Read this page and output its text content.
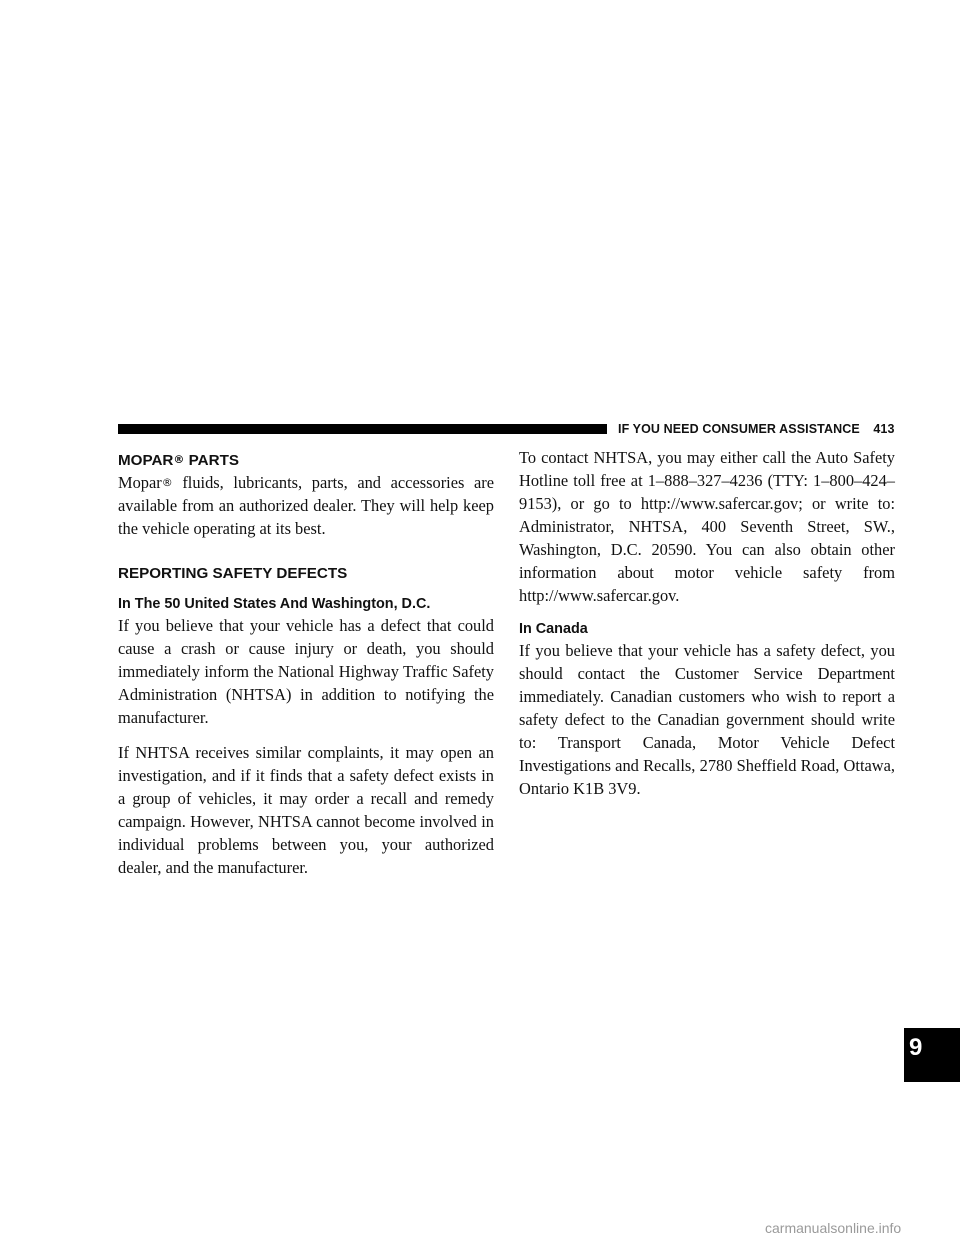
IF YOU NEED CONSUMER ASSISTANCE 413
MOPAR® PARTS

Mopar® fluids, lubricants, parts, and accessories are available from an authorized dealer. They will help keep the vehicle operating at its best.

REPORTING SAFETY DEFECTS
In The 50 United States And Washington, D.C.

If you believe that your vehicle has a defect that could cause a crash or cause injury or death, you should immediately inform the National Highway Traffic Safety Administration (NHTSA) in addition to notifying the manufacturer.

If NHTSA receives similar complaints, it may open an investigation, and if it finds that a safety defect exists in a group of vehicles, it may order a recall and remedy campaign. However, NHTSA cannot become involved in individual problems between you, your authorized dealer, and the manufacturer.

To contact NHTSA, you may either call the Auto Safety Hotline toll free at 1–888–327–4236 (TTY: 1–800–424–9153), or go to http://www.safercar.gov; or write to: Administrator, NHTSA, 400 Seventh Street, SW., Washington, D.C. 20590. You can also obtain other information about motor vehicle safety from http://www.safercar.gov.

In Canada

If you believe that your vehicle has a safety defect, you should contact the Customer Service Department immediately. Canadian customers who wish to report a safety defect to the Canadian government should write to: Transport Canada, Motor Vehicle Defect Investigations and Recalls, 2780 Sheffield Road, Ottawa, Ontario K1B 3V9.

9
carmanualsonline.info
